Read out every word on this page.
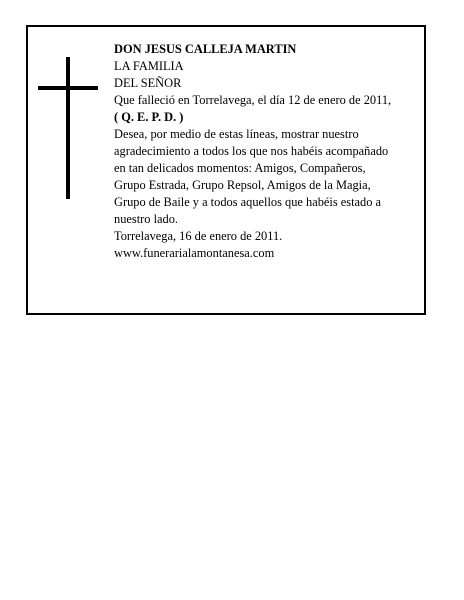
DON JESUS CALLEJA MARTIN
LA FAMILIA
DEL SEÑOR
Que falleció en Torrelavega, el día 12 de enero de 2011,
( Q. E. P. D. )
Desea, por medio de estas líneas, mostrar nuestro
agradecimiento a todos los que nos habéis acompañado
en tan delicados momentos: Amigos, Compañeros,
Grupo Estrada, Grupo Repsol, Amigos de la Magia,
Grupo de Baile y a todos aquellos que habéis estado a
nuestro lado.
Torrelavega, 16 de enero de 2011.
www.funerarialamontanesa.com
